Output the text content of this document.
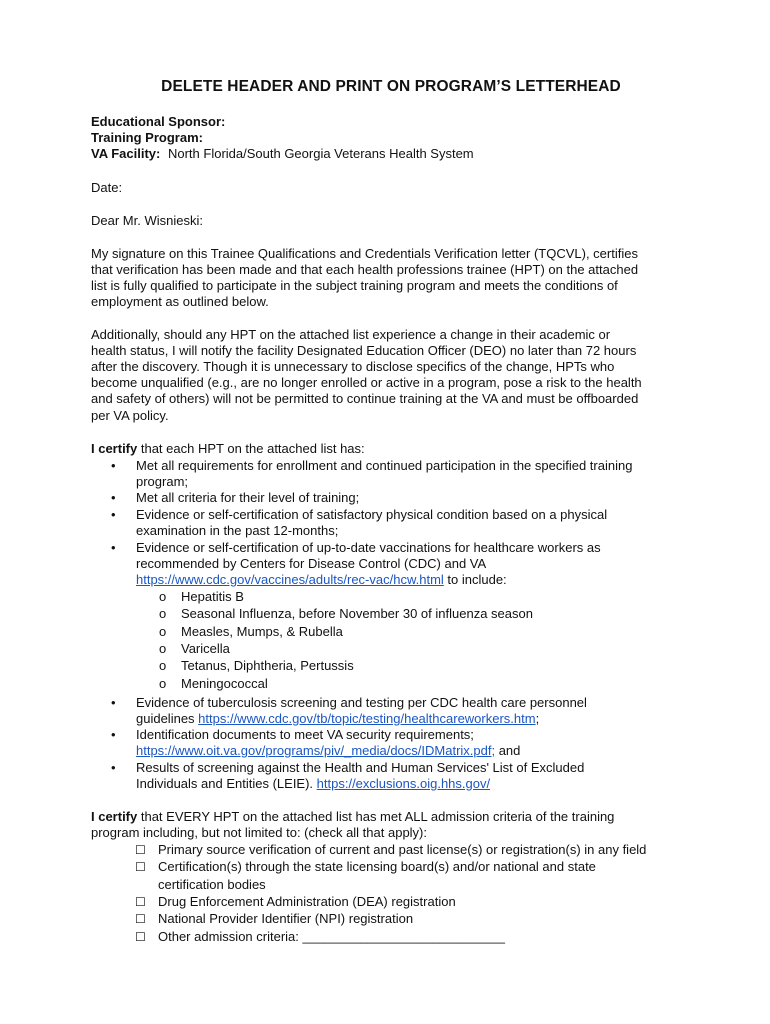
DELETE HEADER AND PRINT ON PROGRAM’S LETTERHEAD
Educational Sponsor:
Training Program:
VA Facility: North Florida/South Georgia Veterans Health System
Date:
Dear Mr. Wisnieski:
My signature on this Trainee Qualifications and Credentials Verification letter (TQCVL), certifies
that verification has been made and that each health professions trainee (HPT) on the attached
list is fully qualified to participate in the subject training program and meets the conditions of
employment as outlined below.
Additionally, should any HPT on the attached list experience a change in their academic or
health status, I will notify the facility Designated Education Officer (DEO) no later than 72 hours
after the discovery. Though it is unnecessary to disclose specifics of the change, HPTs who
become unqualified (e.g., are no longer enrolled or active in a program, pose a risk to the health
and safety of others) will not be permitted to continue training at the VA and must be offboarded
per VA policy.
I certify that each HPT on the attached list has:
• Met all requirements for enrollment and continued participation in the specified training
program;
• Met all criteria for their level of training;
• Evidence or self-certification of satisfactory physical condition based on a physical
examination in the past 12-months;
• Evidence or self-certification of up-to-date vaccinations for healthcare workers as
recommended by Centers for Disease Control (CDC) and VA
https://www.cdc.gov/vaccines/adults/rec-vac/hcw.html to include:
o Hepatitis B
o Seasonal Influenza, before November 30 of influenza season
o Measles, Mumps, & Rubella
o Varicella
o Tetanus, Diphtheria, Pertussis
o Meningococcal
• Evidence of tuberculosis screening and testing per CDC health care personnel
guidelines https://www.cdc.gov/tb/topic/testing/healthcareworkers.htm;
• Identification documents to meet VA security requirements;
https://www.oit.va.gov/programs/piv/_media/docs/IDMatrix.pdf; and
• Results of screening against the Health and Human Services' List of Excluded
Individuals and Entities (LEIE). https://exclusions.oig.hhs.gov/
I certify that EVERY HPT on the attached list has met ALL admission criteria of the training
program including, but not limited to: (check all that apply):
☐ Primary source verification of current and past license(s) or registration(s) in any field
☐ Certification(s) through the state licensing board(s) and/or national and state
certification bodies
☐ Drug Enforcement Administration (DEA) registration
☐ National Provider Identifier (NPI) registration
☐ Other admission criteria: ____________________________
